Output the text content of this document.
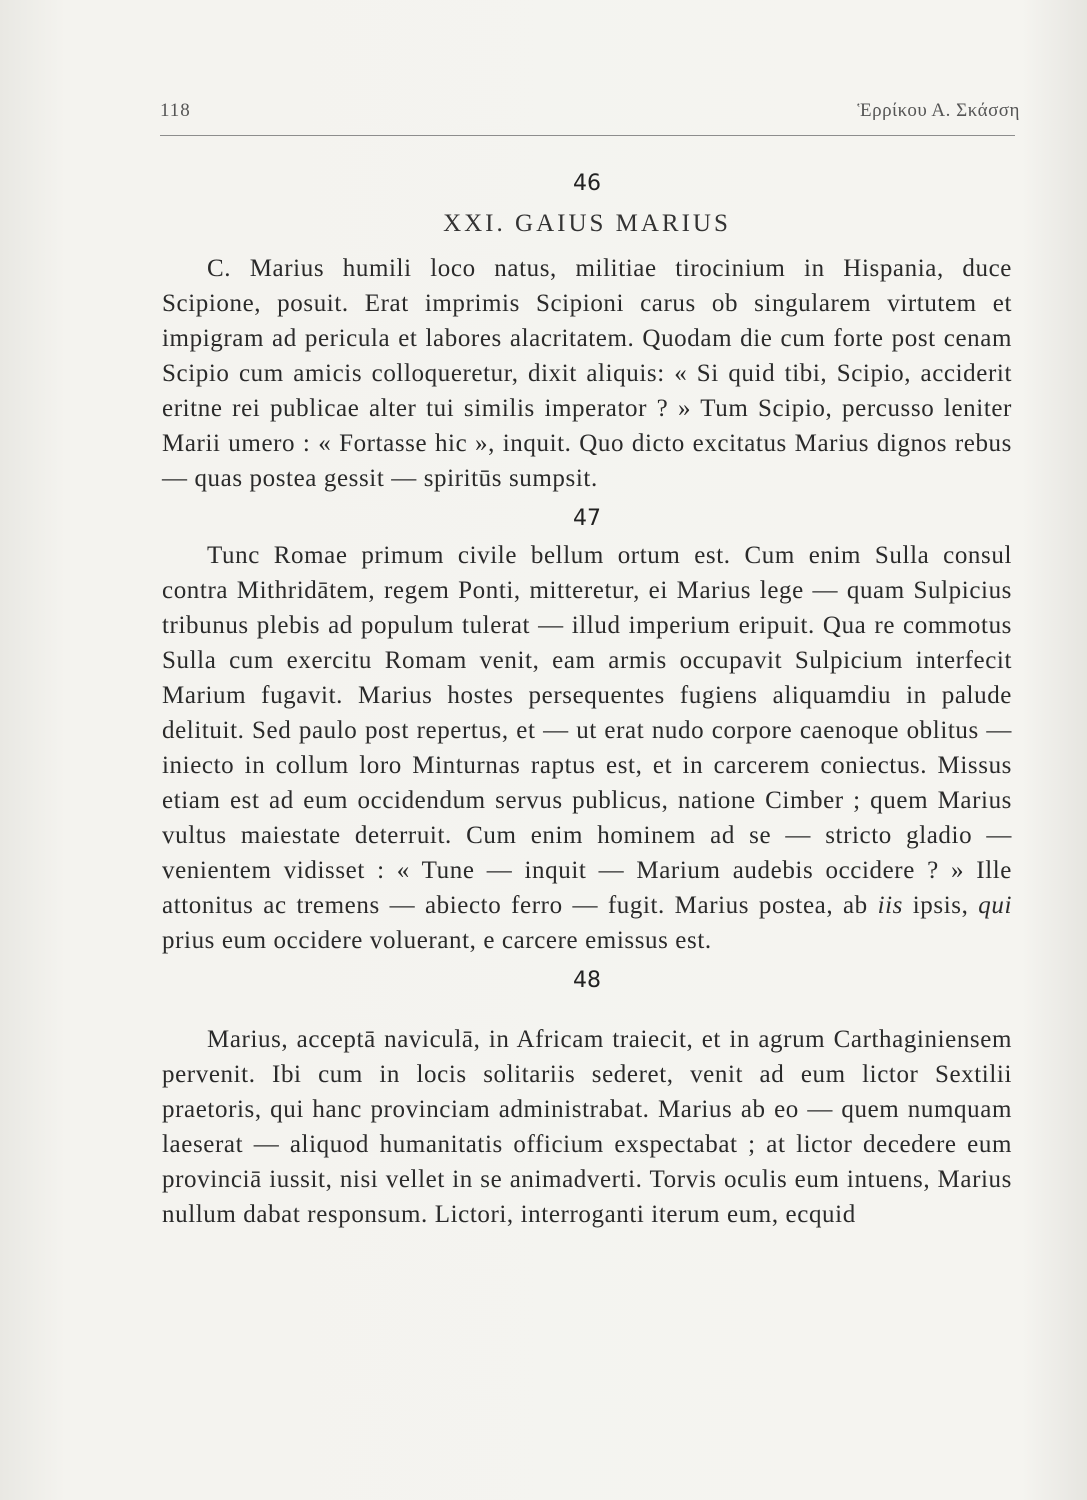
118	Ἑρρίκου Α. Σκάσση

46

XXI. GAIUS MARIUS

C. Marius humili loco natus, militiae tirocinium in Hispania, duce Scipione, posuit. Erat imprimis Scipioni carus ob singularem virtutem et impigram ad pericula et labores alacritatem. Quodam die cum forte post cenam Scipio cum amicis colloqueretur, dixit aliquis: « Si quid tibi, Scipio, acciderit eritne rei publicae alter tui similis imperator ? » Tum Scipio, percusso leniter Marii umero : « Fortasse hic », inquit. Quo dicto excitatus Marius dignos rebus — quas postea gessit — spiritūs sumpsit.

47

Tunc Romae primum civile bellum ortum est. Cum enim Sulla consul contra Mithridātem, regem Ponti, mitteretur, ei Marius lege — quam Sulpicius tribunus plebis ad populum tulerat — illud imperium eripuit. Qua re commotus Sulla cum exercitu Romam venit, eam armis occupavit Sulpicium interfecit Marium fugavit. Marius hostes persequentes fugiens aliquamdiu in palude delituit. Sed paulo post repertus, et — ut erat nudo corpore caenoque oblitus — iniecto in collum loro Minturnas raptus est, et in carcerem coniectus. Missus etiam est ad eum occidendum servus publicus, natione Cimber ; quem Marius vultus maiestate deterruit. Cum enim hominem ad se — stricto gladio — venientem vidisset : « Tune — inquit — Marium audebis occidere ? » Ille attonitus ac tremens — abiecto ferro — fugit. Marius postea, ab iis ipsis, qui prius eum occidere voluerant, e carcere emissus est.

48

Marius, acceptā naviculā, in Africam traiecit, et in agrum Carthaginiensem pervenit. Ibi cum in locis solitariis sederet, venit ad eum lictor Sextilii praetoris, qui hanc provinciam administrabat. Marius ab eo — quem numquam laeserat — aliquod humanitatis officium exspectabat ; at lictor decedere eum provinciā iussit, nisi vellet in se animadverti. Torvis oculis eum intuens, Marius nullum dabat responsum. Lictori, interroganti iterum eum, ecquid
